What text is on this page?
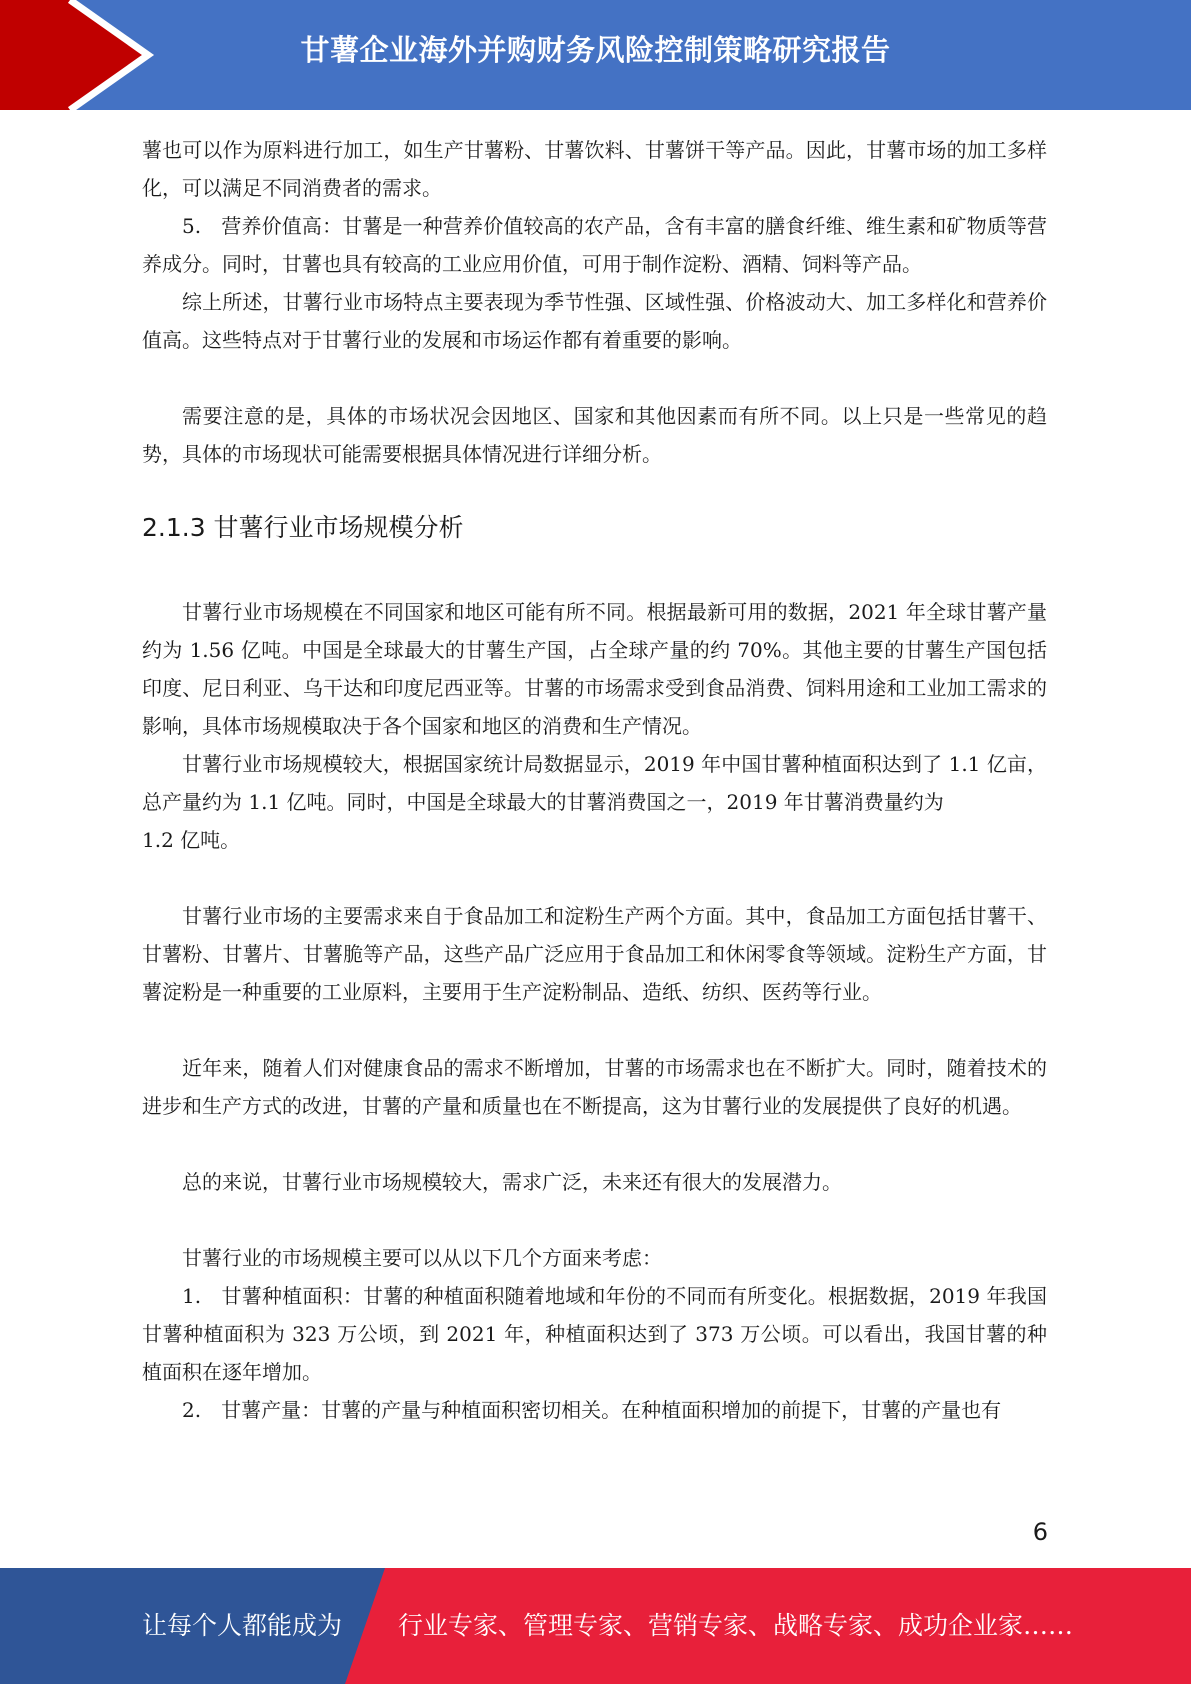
甘薯企业海外并购财务风险控制策略研究报告

薯也可以作为原料进行加工，如生产甘薯粉、甘薯饮料、甘薯饼干等产品。因此，甘薯市场的加工多样化，可以满足不同消费者的需求。

5.　营养价值高：甘薯是一种营养价值较高的农产品，含有丰富的膳食纤维、维生素和矿物质等营养成分。同时，甘薯也具有较高的工业应用价值，可用于制作淀粉、酒精、饲料等产品。

综上所述，甘薯行业市场特点主要表现为季节性强、区域性强、价格波动大、加工多样化和营养价值高。这些特点对于甘薯行业的发展和市场运作都有着重要的影响。

需要注意的是，具体的市场状况会因地区、国家和其他因素而有所不同。以上只是一些常见的趋势，具体的市场现状可能需要根据具体情况进行详细分析。

2.1.3 甘薯行业市场规模分析

甘薯行业市场规模在不同国家和地区可能有所不同。根据最新可用的数据，2021 年全球甘薯产量约为 1.56 亿吨。中国是全球最大的甘薯生产国，占全球产量的约 70%。其他主要的甘薯生产国包括印度、尼日利亚、乌干达和印度尼西亚等。甘薯的市场需求受到食品消费、饲料用途和工业加工需求的影响，具体市场规模取决于各个国家和地区的消费和生产情况。

甘薯行业市场规模较大，根据国家统计局数据显示，2019 年中国甘薯种植面积达到了 1.1 亿亩，总产量约为 1.1 亿吨。同时，中国是全球最大的甘薯消费国之一，2019 年甘薯消费量约为

1.2 亿吨。

甘薯行业市场的主要需求来自于食品加工和淀粉生产两个方面。其中，食品加工方面包括甘薯干、甘薯粉、甘薯片、甘薯脆等产品，这些产品广泛应用于食品加工和休闲零食等领域。淀粉生产方面，甘薯淀粉是一种重要的工业原料，主要用于生产淀粉制品、造纸、纺织、医药等行业。

近年来，随着人们对健康食品的需求不断增加，甘薯的市场需求也在不断扩大。同时，随着技术的进步和生产方式的改进，甘薯的产量和质量也在不断提高，这为甘薯行业的发展提供了良好的机遇。

总的来说，甘薯行业市场规模较大，需求广泛，未来还有很大的发展潜力。

甘薯行业的市场规模主要可以从以下几个方面来考虑：

1.　甘薯种植面积：甘薯的种植面积随着地域和年份的不同而有所变化。根据数据，2019 年我国甘薯种植面积为 323 万公顷，到 2021 年，种植面积达到了 373 万公顷。可以看出，我国甘薯的种植面积在逐年增加。

2.　甘薯产量：甘薯的产量与种植面积密切相关。在种植面积增加的前提下，甘薯的产量也有

6
让每个人都能成为 行业专家、管理专家、营销专家、战略专家、成功企业家……
